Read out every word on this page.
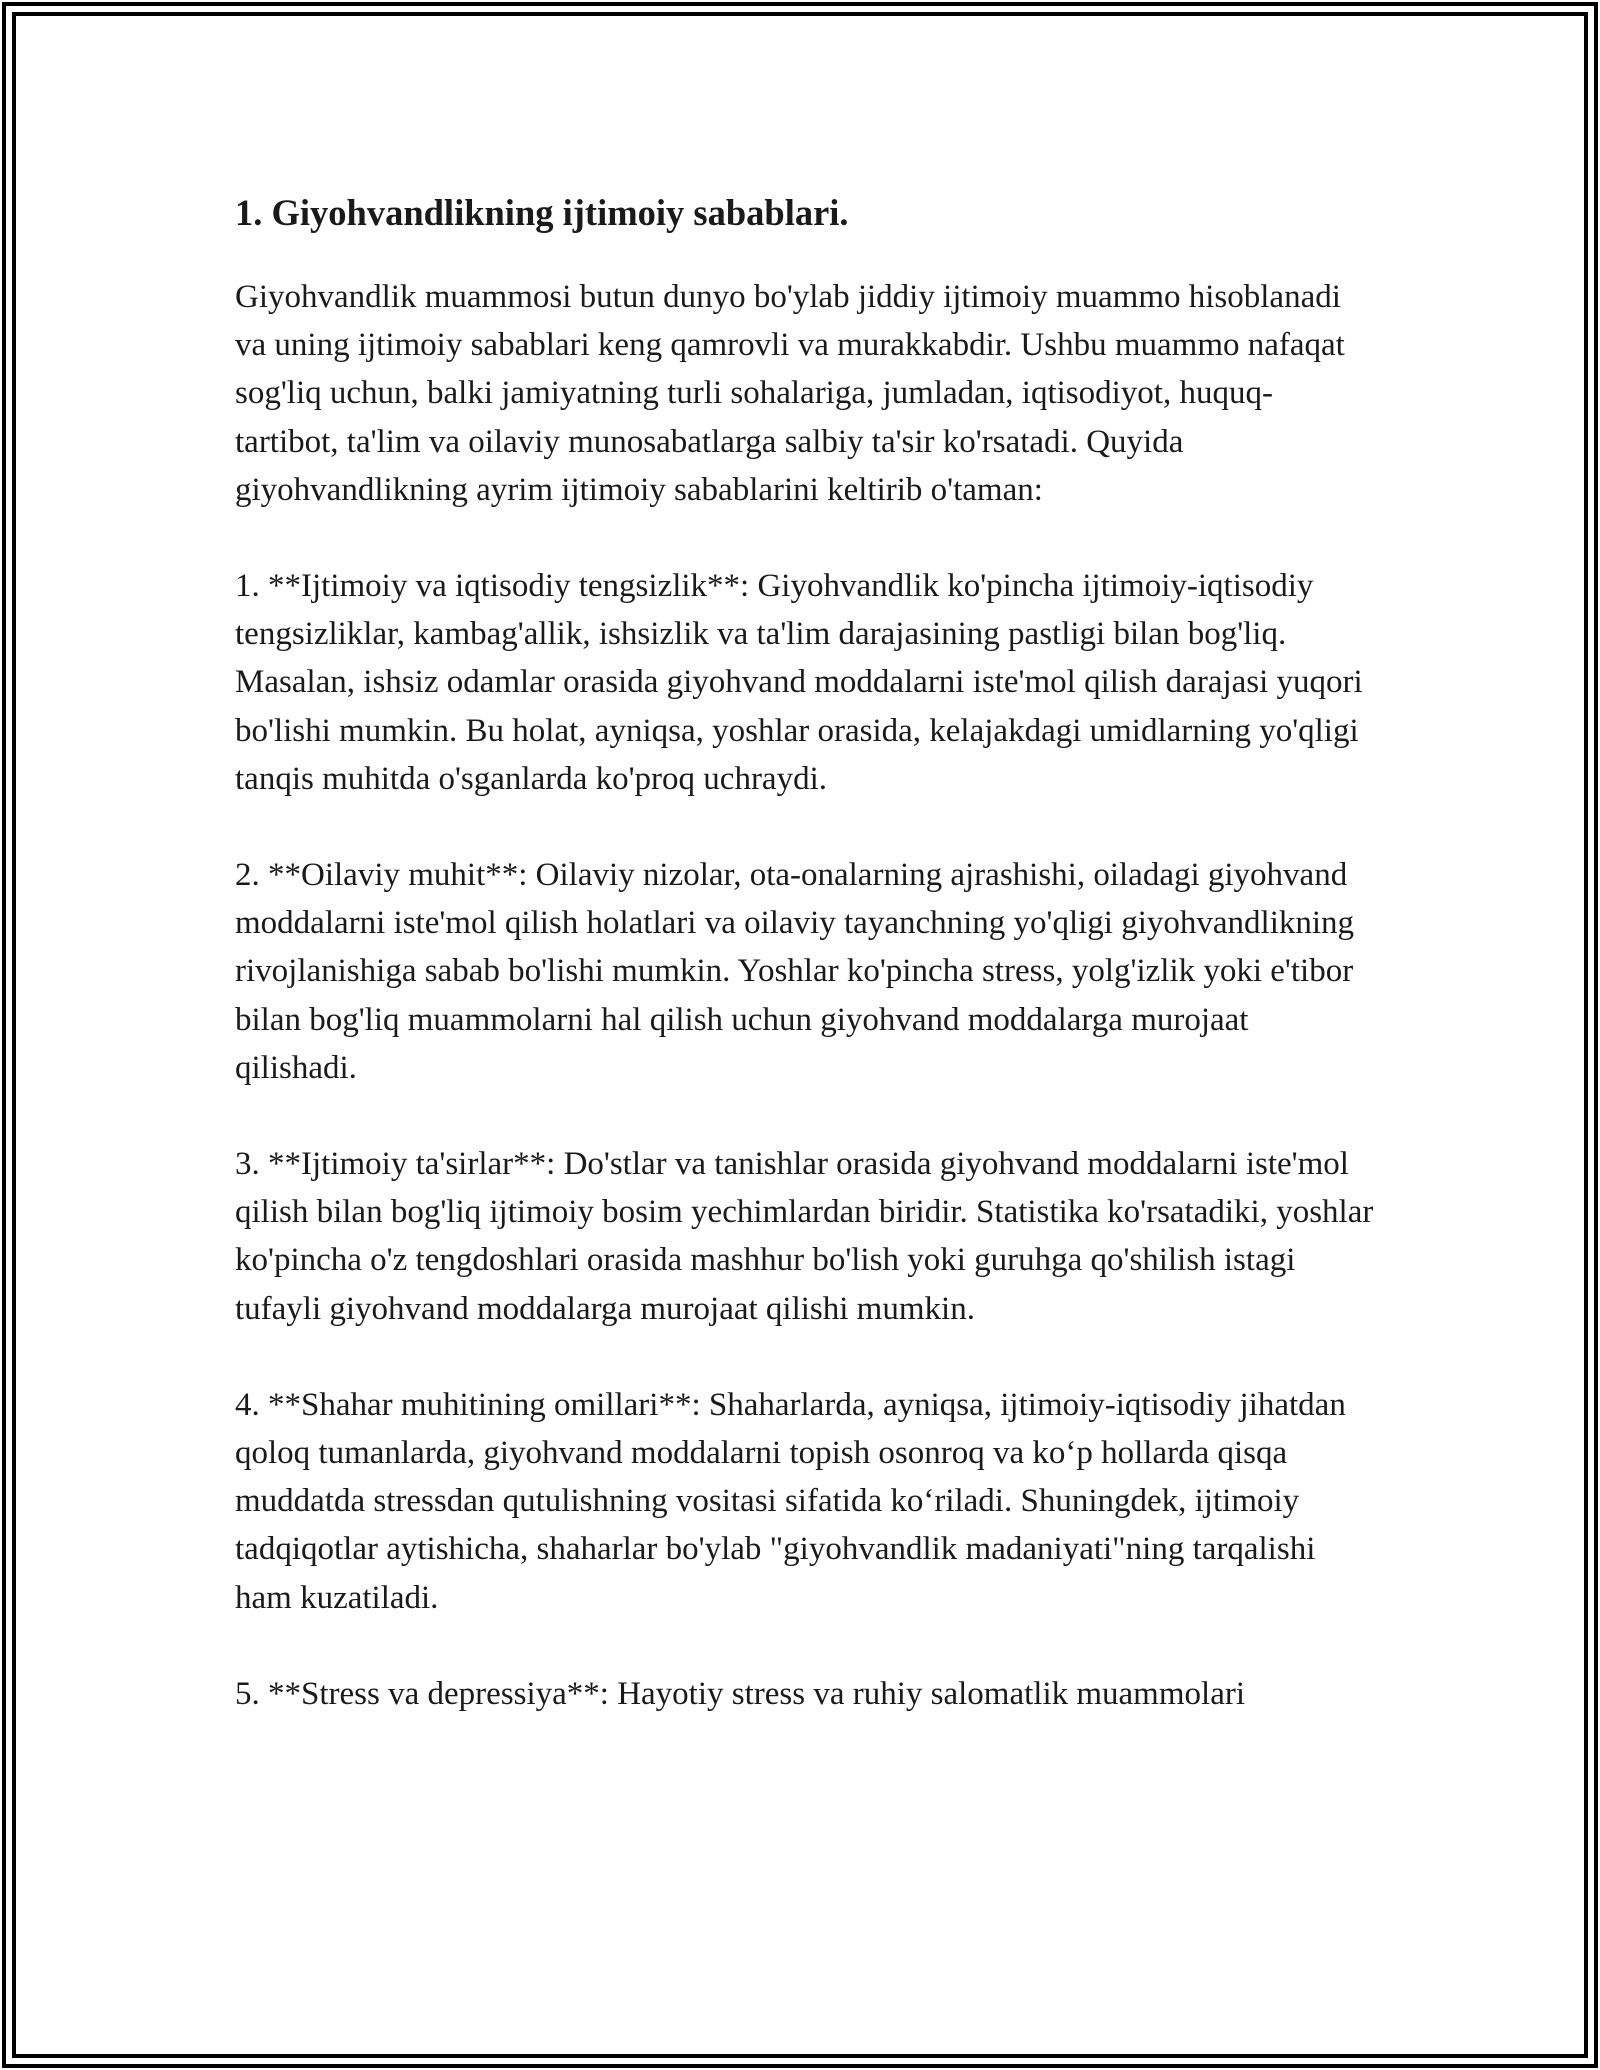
1. Giyohvandlikning ijtimoiy sabablari.

Giyohvandlik muammosi butun dunyo bo'ylab jiddiy ijtimoiy muammo hisoblanadi va uning ijtimoiy sabablari keng qamrovli va murakkabdir. Ushbu muammo nafaqat sog'liq uchun, balki jamiyatning turli sohalariga, jumladan, iqtisodiyot, huquq-tartibot, ta'lim va oilaviy munosabatlarga salbiy ta'sir ko'rsatadi. Quyida giyohvandlikning ayrim ijtimoiy sabablarini keltirib o'taman:

1. **Ijtimoiy va iqtisodiy tengsizlik**: Giyohvandlik ko'pincha ijtimoiy-iqtisodiy tengsizliklar, kambag'allik, ishsizlik va ta'lim darajasining pastligi bilan bog'liq. Masalan, ishsiz odamlar orasida giyohvand moddalarni iste'mol qilish darajasi yuqori bo'lishi mumkin. Bu holat, ayniqsa, yoshlar orasida, kelajakdagi umidlarning yo'qligi tanqis muhitda o'sganlarda ko'proq uchraydi.

2. **Oilaviy muhit**: Oilaviy nizolar, ota-onalarning ajrashishi, oiladagi giyohvand moddalarni iste'mol qilish holatlari va oilaviy tayanchning yo'qligi giyohvandlikning rivojlanishiga sabab bo'lishi mumkin. Yoshlar ko'pincha stress, yolg'izlik yoki e'tibor bilan bog'liq muammolarni hal qilish uchun giyohvand moddalarga murojaat qilishadi.

3. **Ijtimoiy ta'sirlar**: Do'stlar va tanishlar orasida giyohvand moddalarni iste'mol qilish bilan bog'liq ijtimoiy bosim yechimlardan biridir. Statistika ko'rsatadiki, yoshlar ko'pincha o'z tengdoshlari orasida mashhur bo'lish yoki guruhga qo'shilish istagi tufayli giyohvand moddalarga murojaat qilishi mumkin.

4. **Shahar muhitining omillari**: Shaharlarda, ayniqsa, ijtimoiy-iqtisodiy jihatdan qoloq tumanlarda, giyohvand moddalarni topish osonroq va ko‘p hollarda qisqa muddatda stressdan qutulishning vositasi sifatida ko‘riladi. Shuningdek, ijtimoiy tadqiqotlar aytishicha, shaharlar bo'ylab "giyohvandlik madaniyati"ning tarqalishi ham kuzatiladi.

5. **Stress va depressiya**: Hayotiy stress va ruhiy salomatlik muammolari
